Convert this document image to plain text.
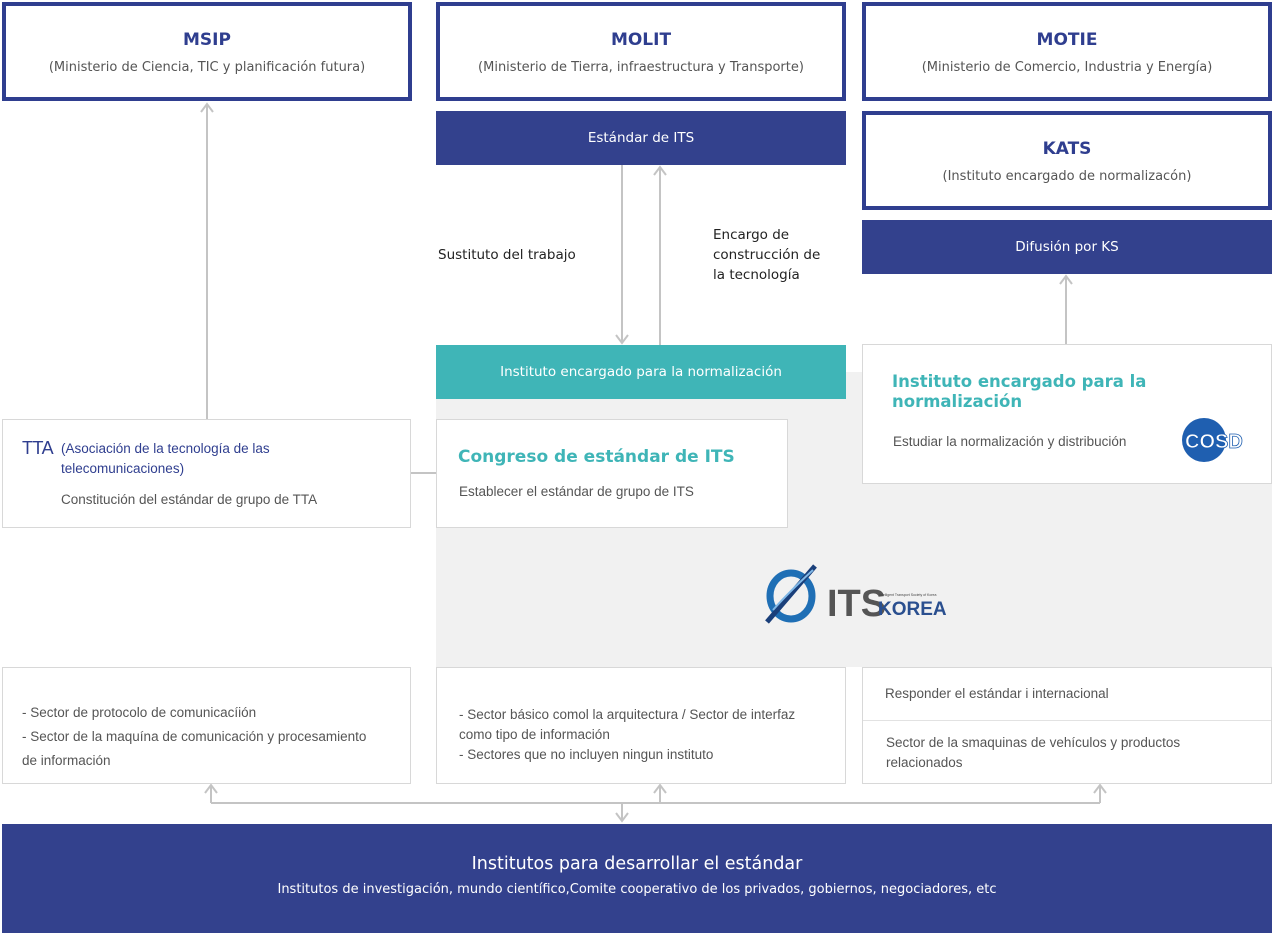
MSIP
(Ministerio de Ciencia, TIC y planificación futura)
MOLIT
(Ministerio de Tierra, infraestructura y Transporte)
MOTIE
(Ministerio de Comercio, Industria y Energía)
KATS
(Instituto encargado de normalizacón)
Estándar de ITS
Difusión por KS
Instituto encargado para la normalización
Sustituto del trabajo
Encargo de
construcción de
la tecnología
TTA (Asociación de la tecnología de las
telecomunicaciones)
Constitución del estándar de grupo de TTA
Congreso de estándar de ITS
Establecer el estándar de grupo de ITS
Instituto encargado para la
normalización
Estudiar la normalización y distribución	COSD
ITS
Intelligent Transport Society of Korea
KOREA
- Sector de protocolo de comunicacíión
- Sector de la maquína de comunicación y procesamiento
de información
- Sector básico comol la arquitectura / Sector de interfaz
como tipo de información
- Sectores que no incluyen ningun instituto
Responder el estándar i internacional
Sector de la smaquinas de vehículos y productos
relacionados
Institutos para desarrollar el estándar
Institutos de investigación, mundo científico,Comite cooperativo de los privados, gobiernos, negociadores, etc
